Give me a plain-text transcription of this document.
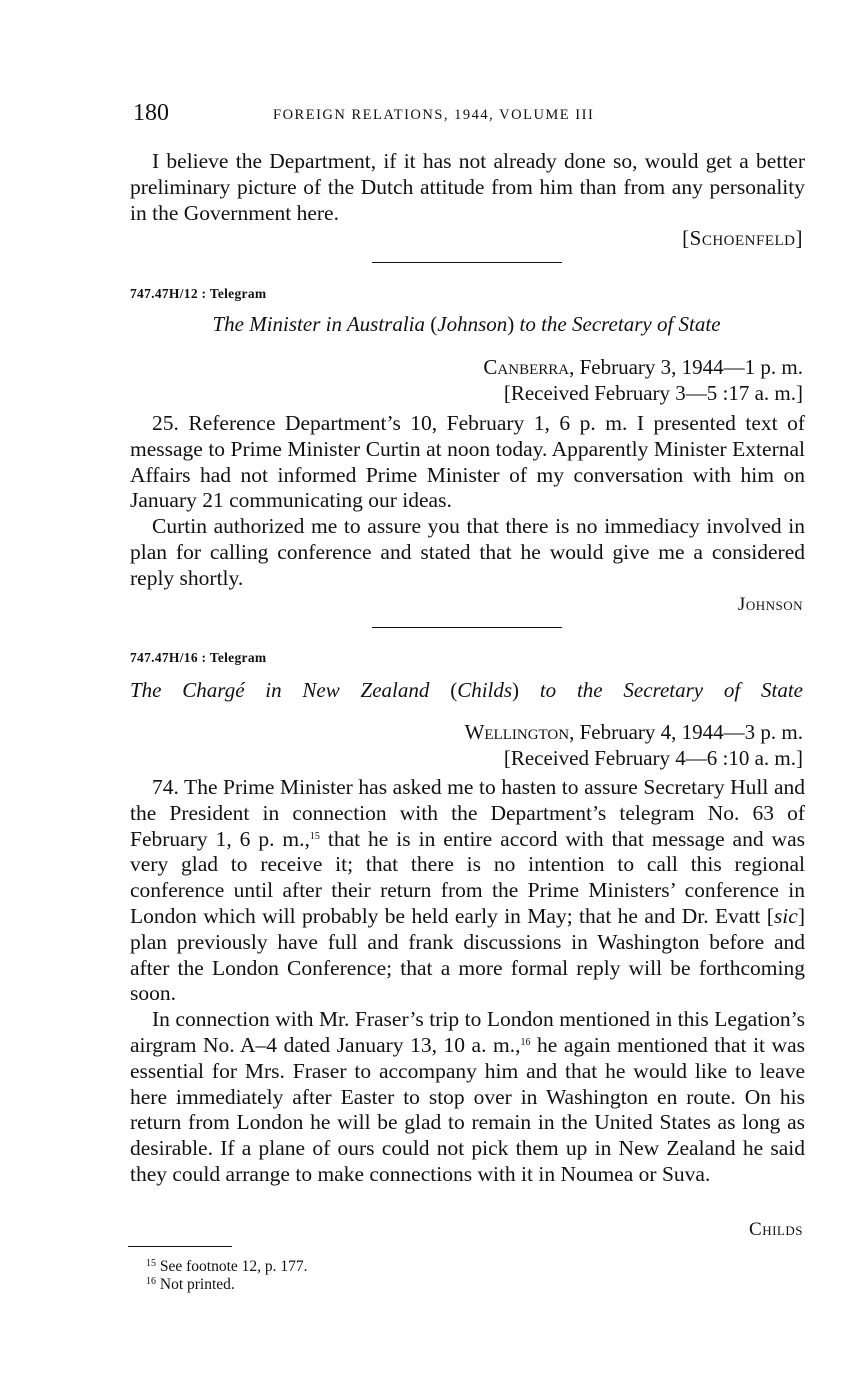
180	FOREIGN RELATIONS, 1944, VOLUME III

I believe the Department, if it has not already done so, would get a better preliminary picture of the Dutch attitude from him than from any personality in the Government here.

[Schoenfeld]
747.47H/12 : Telegram
The Minister in Australia (Johnson) to the Secretary of State
Canberra, February 3, 1944—1 p. m.
[Received February 3—5 :17 a. m.]

25. Reference Department’s 10, February 1, 6 p. m. I presented text of message to Prime Minister Curtin at noon today. Apparently Minister External Affairs had not informed Prime Minister of my conversation with him on January 21 communicating our ideas.

Curtin authorized me to assure you that there is no immediacy involved in plan for calling conference and stated that he would give me a considered reply shortly.

Johnson
747.47H/16 : Telegram
The Chargé in New Zealand (Childs) to the Secretary of State
Wellington, February 4, 1944—3 p. m.
[Received February 4—6 :10 a. m.]

74. The Prime Minister has asked me to hasten to assure Secretary Hull and the President in connection with the Department’s telegram No. 63 of February 1, 6 p. m.,$^{15}$ that he is in entire accord with that message and was very glad to receive it; that there is no intention to call this regional conference until after their return from the Prime Ministers’ conference in London which will probably be held early in May; that he and Dr. Evatt [sic] plan previously have full and frank discussions in Washington before and after the London Conference; that a more formal reply will be forthcoming soon.

In connection with Mr. Fraser’s trip to London mentioned in this Legation’s airgram No. A–4 dated January 13, 10 a. m.,$^{16}$ he again mentioned that it was essential for Mrs. Fraser to accompany him and that he would like to leave here immediately after Easter to stop over in Washington en route. On his return from London he will be glad to remain in the United States as long as desirable. If a plane of ours could not pick them up in New Zealand he said they could arrange to make connections with it in Noumea or Suva.

Childs
$^{15}$ See footnote 12, p. 177.
$^{16}$ Not printed.
